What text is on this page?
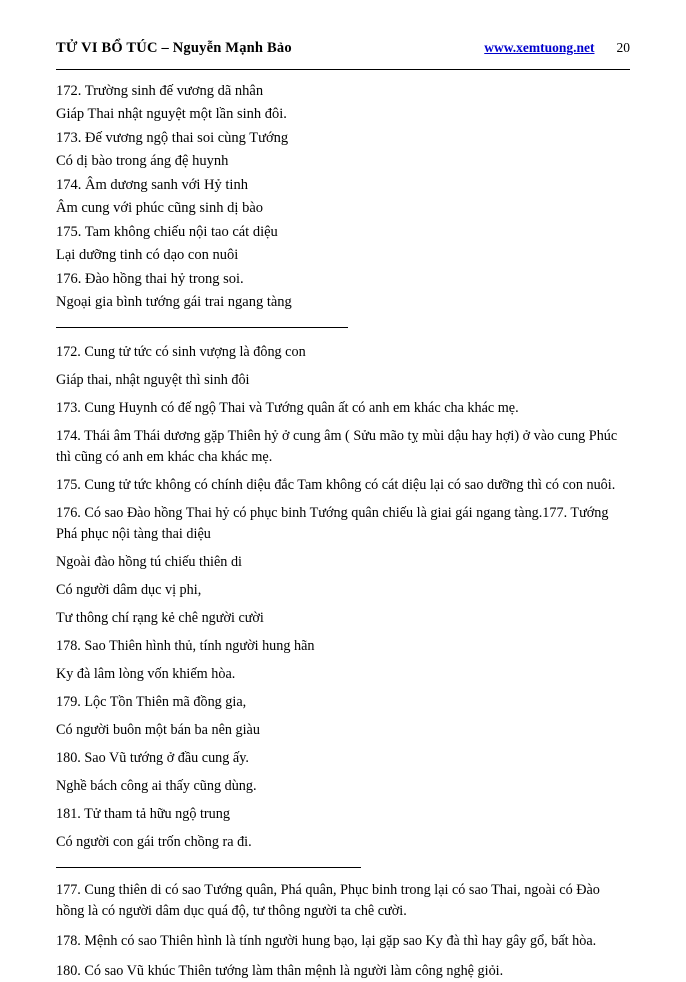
TỬ VI BỔ TÚC – Nguyễn Mạnh Bảo	www.xemtuong.net 20

172. Trường sinh đế vương dã nhân

Giáp Thai nhật nguyệt một lần sinh đôi.

173. Đế vương ngộ thai soi cùng Tướng

Có dị bào trong áng đệ huynh

174. Âm dương sanh với Hỷ tinh

Âm cung với phúc cũng sinh dị bào

175. Tam không chiếu nội tao cát diệu

Lại dưỡng tinh có dạo con nuôi

176. Đào hồng thai hỷ trong soi.

Ngoại gia bình tướng gái trai ngang tàng

172. Cung tử tức có sinh vượng là đông con

Giáp thai, nhật nguyệt thì sinh đôi

173. Cung Huynh có đế ngộ Thai và Tướng quân ất có anh em khác cha khác mẹ.

174. Thái âm Thái dương gặp Thiên hỷ ở cung âm ( Sửu mão tỵ mùi dậu hay hợi) ở vào cung Phúc thì cũng có anh em khác cha khác mẹ.

175. Cung tử tức không có chính diệu đắc Tam không có cát diệu lại có sao dưỡng thì có con nuôi.

176. Có sao Đào hồng Thai hỷ có phục binh Tướng quân chiếu là giai gái ngang tàng.177. Tướng Phá phục nội tàng thai diệu

Ngoài đào hồng tú chiếu thiên di

Có người dâm dục vị phi,

Tư thông chí rạng kẻ chê người cười

178. Sao Thiên hình thủ, tính người hung hãn

Ky đà lâm lòng vốn khiếm hòa.

179. Lộc Tồn Thiên mã đồng gia,

Có người buôn một bán ba nên giàu

180. Sao Vũ tướng ở đầu cung ấy.

Nghề bách công ai thấy cũng dùng.

181. Tử tham tả hữu ngộ trung

Có người con gái trốn chồng ra đi.

177. Cung thiên di có sao Tướng quân, Phá quân, Phục binh trong lại có sao Thai, ngoài có Đào hồng là có người dâm dục quá độ, tư thông người ta chê cười.

178. Mệnh có sao Thiên hình là tính người hung bạo, lại gặp sao Ky đà thì hay gây gổ, bất hòa.

180. Có sao Vũ khúc Thiên tướng làm thân mệnh là người làm công nghệ giỏi.
